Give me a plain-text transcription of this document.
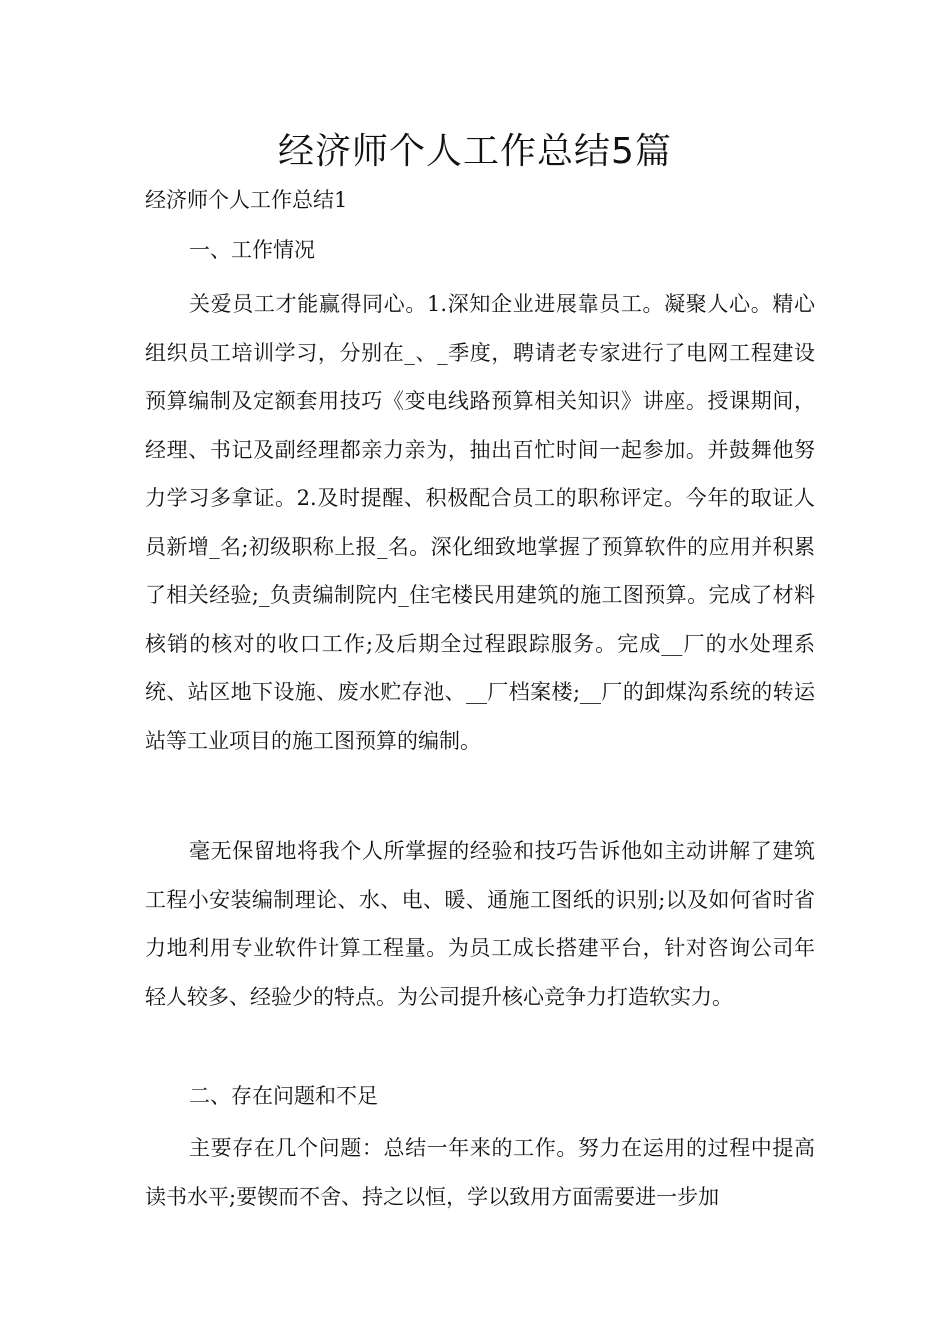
经济师个人工作总结5篇
经济师个人工作总结1
一、工作情况

关爱员工才能赢得同心。1.深知企业进展靠员工。凝聚人心。精心组织员工培训学习，分别在_、_季度，聘请老专家进行了电网工程建设预算编制及定额套用技巧《变电线路预算相关知识》讲座。授课期间，经理、书记及副经理都亲力亲为，抽出百忙时间一起参加。并鼓舞他努力学习多拿证。2.及时提醒、积极配合员工的职称评定。今年的取证人员新增_名;初级职称上报_名。深化细致地掌握了预算软件的应用并积累了相关经验;_负责编制院内_住宅楼民用建筑的施工图预算。完成了材料核销的核对的收口工作;及后期全过程跟踪服务。完成__厂的水处理系统、站区地下设施、废水贮存池、__厂档案楼;__厂的卸煤沟系统的转运站等工业项目的施工图预算的编制。

毫无保留地将我个人所掌握的经验和技巧告诉他如主动讲解了建筑工程小安装编制理论、水、电、暖、通施工图纸的识别;以及如何省时省力地利用专业软件计算工程量。为员工成长搭建平台，针对咨询公司年轻人较多、经验少的特点。为公司提升核心竞争力打造软实力。

二、存在问题和不足

主要存在几个问题：总结一年来的工作。努力在运用的过程中提高读书水平;要锲而不舍、持之以恒，学以致用方面需要进一步加
